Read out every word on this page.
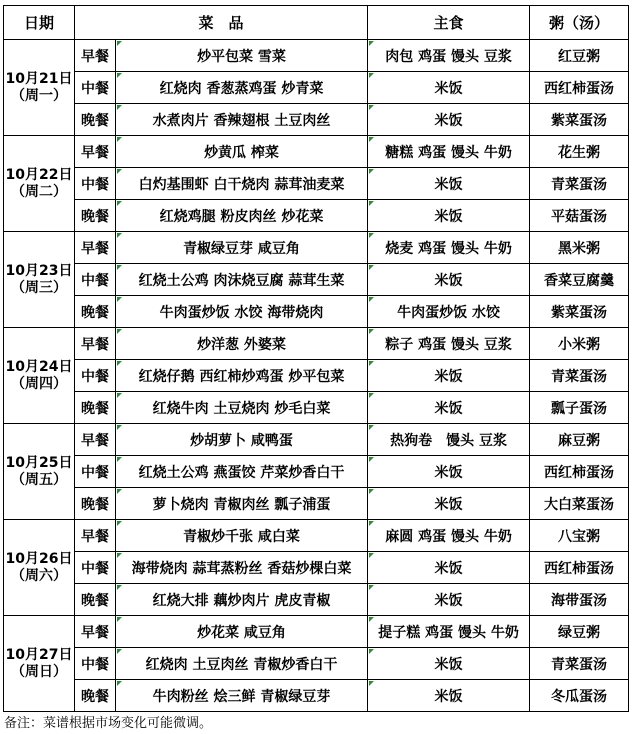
日期	菜　品		主食	粥（汤）

10月21日
（周一）	早餐	炒平包菜 雪菜	肉包 鸡蛋 馒头 豆浆	红豆粥
	中餐	红烧肉 香葱蒸鸡蛋 炒青菜	米饭	西红柿蛋汤
	晚餐	水煮肉片 香辣翅根 土豆肉丝	米饭	紫菜蛋汤

10月22日
（周二）	早餐	炒黄瓜 榨菜	糖糕 鸡蛋 馒头 牛奶	花生粥
	中餐	白灼基围虾 白干烧肉 蒜茸油麦菜	米饭	青菜蛋汤
	晚餐	红烧鸡腿 粉皮肉丝 炒花菜	米饭	平菇蛋汤

10月23日
（周三）	早餐	青椒绿豆芽 咸豆角	烧麦 鸡蛋 馒头 牛奶	黑米粥
	中餐	红烧土公鸡 肉沫烧豆腐 蒜茸生菜	米饭	香菜豆腐羹
	晚餐	牛肉蛋炒饭 水饺 海带烧肉	牛肉蛋炒饭 水饺	紫菜蛋汤

10月24日
（周四）	早餐	炒洋葱 外婆菜	粽子 鸡蛋 馒头 豆浆	小米粥
	中餐	红烧仔鹅 西红柿炒鸡蛋 炒平包菜	米饭	青菜蛋汤
	晚餐	红烧牛肉 土豆烧肉 炒毛白菜	米饭	瓢子蛋汤

10月25日
（周五）	早餐	炒胡萝卜 咸鸭蛋	热狗卷　馒头 豆浆	麻豆粥
	中餐	红烧土公鸡 燕蛋饺 芹菜炒香白干	米饭	西红柿蛋汤
	晚餐	萝卜烧肉 青椒肉丝 瓢子浦蛋	米饭	大白菜蛋汤

10月26日
（周六）	早餐	青椒炒千张 咸白菜	麻圆 鸡蛋 馒头 牛奶	八宝粥
	中餐	海带烧肉 蒜茸蒸粉丝 香菇炒棵白菜	米饭	西红柿蛋汤
	晚餐	红烧大排 藕炒肉片 虎皮青椒	米饭	海带蛋汤

10月27日
（周日）	早餐	炒花菜 咸豆角	提子糕 鸡蛋 馒头 牛奶	绿豆粥
	中餐	红烧肉 土豆肉丝 青椒炒香白干	米饭	青菜蛋汤
	晚餐	牛肉粉丝 烩三鲜 青椒绿豆芽	米饭	冬瓜蛋汤
备注：菜谱根据市场变化可能微调。
